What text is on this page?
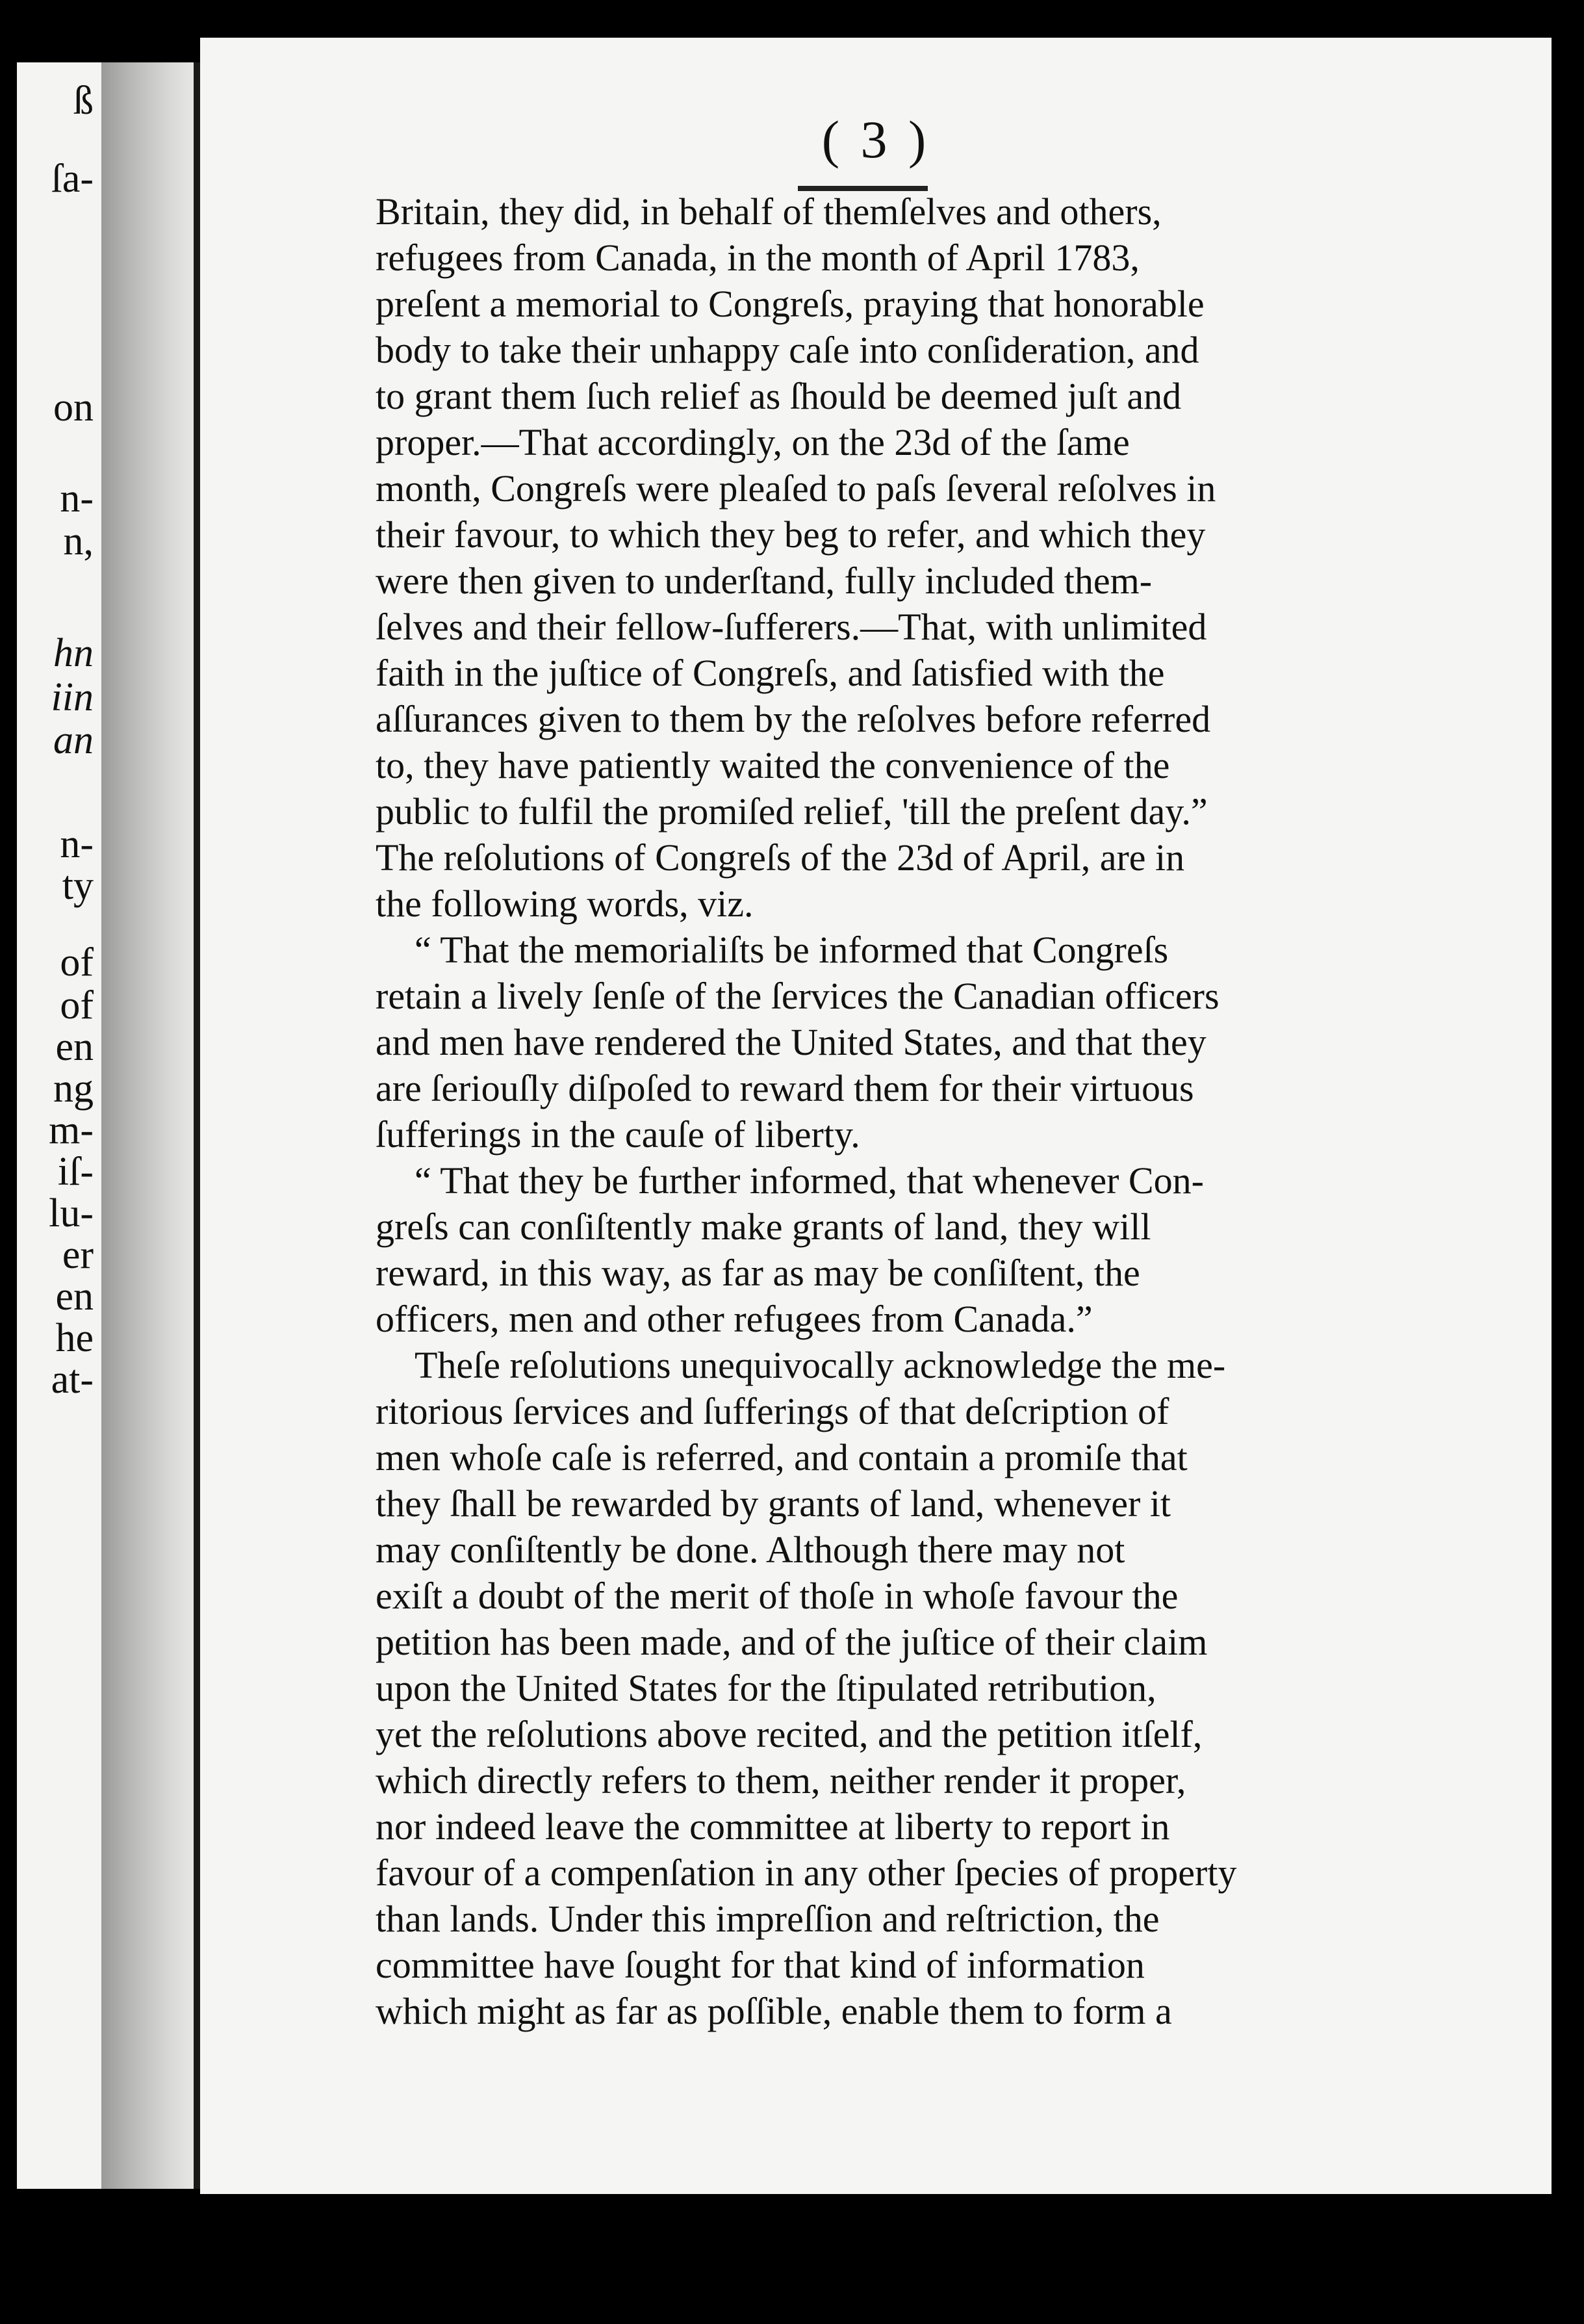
ß
ſa-
on
n-
n,
hn
iin
an
n-
ty
of
of
en
ng
m-
iſ-
lu-
er
en
he
at-
( 3 )
Britain, they did, in behalf of themſelves and others,
refugees from Canada, in the month of April 1783,
preſent a memorial to Congreſs, praying that honorable
body to take their unhappy caſe into conſideration, and
to grant them ſuch relief as ſhould be deemed juſt and
proper.—That accordingly, on the 23d of the ſame
month, Congreſs were pleaſed to paſs ſeveral reſolves in
their favour, to which they beg to refer, and which they
were then given to underſtand, fully included them-
ſelves and their fellow-ſufferers.—That, with unlimited
faith in the juſtice of Congreſs, and ſatisfied with the
aſſurances given to them by the reſolves before referred
to, they have patiently waited the convenience of the
public to fulfil the promiſed relief, 'till the preſent day.”
The reſolutions of Congreſs of the 23d of April, are in
the following words, viz.
“ That the memorialiſts be informed that Congreſs
retain a lively ſenſe of the ſervices the Canadian officers
and men have rendered the United States, and that they
are ſeriouſly diſpoſed to reward them for their virtuous
ſufferings in the cauſe of liberty.
“ That they be further informed, that whenever Con-
greſs can conſiſtently make grants of land, they will
reward, in this way, as far as may be conſiſtent, the
officers, men and other refugees from Canada.”
Theſe reſolutions unequivocally acknowledge the me-
ritorious ſervices and ſufferings of that deſcription of
men whoſe caſe is referred, and contain a promiſe that
they ſhall be rewarded by grants of land, whenever it
may conſiſtently be done. Although there may not
exiſt a doubt of the merit of thoſe in whoſe favour the
petition has been made, and of the juſtice of their claim
upon the United States for the ſtipulated retribution,
yet the reſolutions above recited, and the petition itſelf,
which directly refers to them, neither render it proper,
nor indeed leave the committee at liberty to report in
favour of a compenſation in any other ſpecies of property
than lands. Under this impreſſion and reſtriction, the
committee have ſought for that kind of information
which might as far as poſſible, enable them to form a
